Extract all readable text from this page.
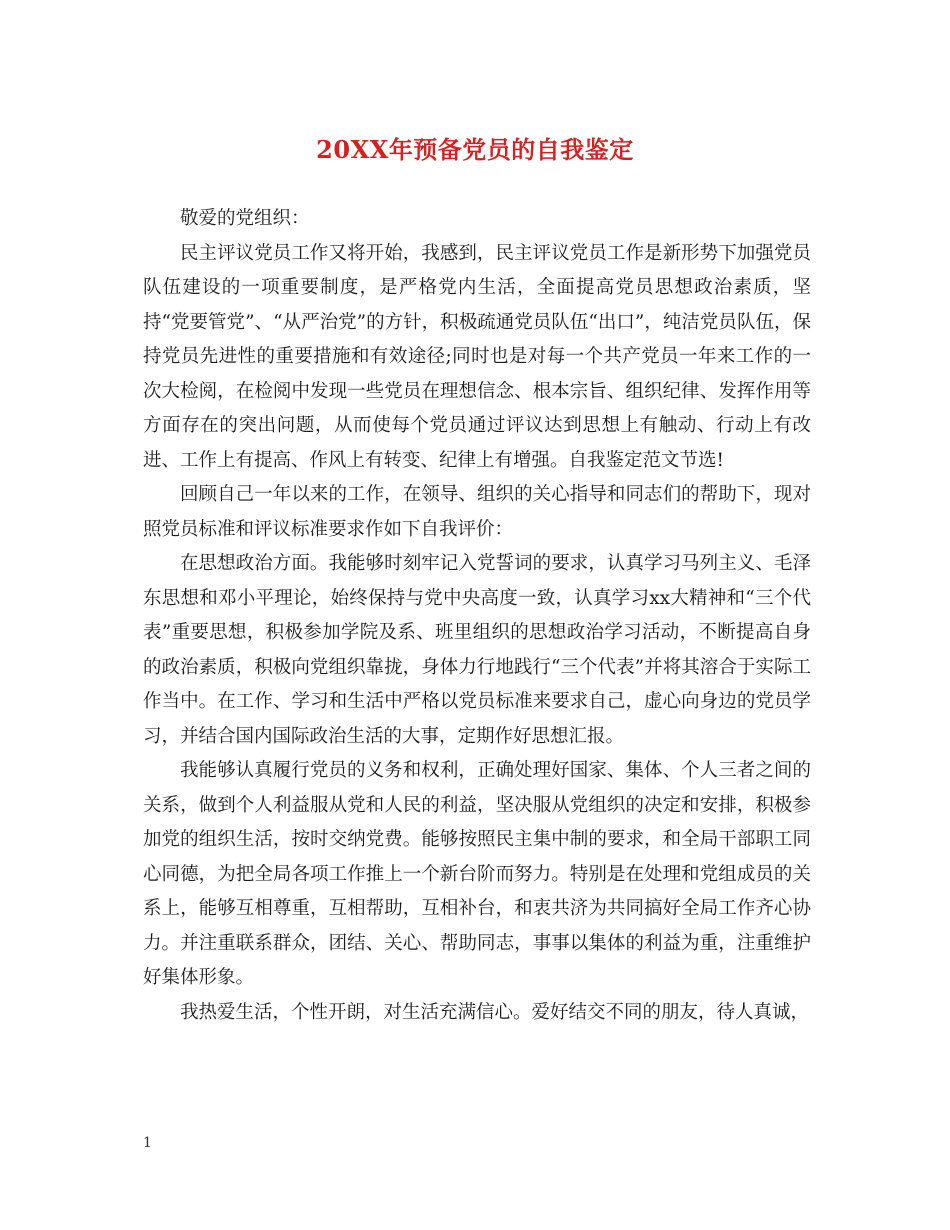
20XX年预备党员的自我鉴定

敬爱的党组织：

民主评议党员工作又将开始，我感到，民主评议党员工作是新形势下加强党员队伍建设的一项重要制度，是严格党内生活，全面提高党员思想政治素质，坚持“党要管党”、“从严治党”的方针，积极疏通党员队伍“出口”，纯洁党员队伍，保持党员先进性的重要措施和有效途径;同时也是对每一个共产党员一年来工作的一次大检阅，在检阅中发现一些党员在理想信念、根本宗旨、组织纪律、发挥作用等方面存在的突出问题，从而使每个党员通过评议达到思想上有触动、行动上有改进、工作上有提高、作风上有转变、纪律上有增强。自我鉴定范文节选!

回顾自己一年以来的工作，在领导、组织的关心指导和同志们的帮助下，现对照党员标准和评议标准要求作如下自我评价：

在思想政治方面。我能够时刻牢记入党誓词的要求，认真学习马列主义、毛泽东思想和邓小平理论，始终保持与党中央高度一致，认真学习xx大精神和“三个代表”重要思想，积极参加学院及系、班里组织的思想政治学习活动，不断提高自身的政治素质，积极向党组织靠拢，身体力行地践行“三个代表”并将其溶合于实际工作当中。在工作、学习和生活中严格以党员标准来要求自己，虚心向身边的党员学习，并结合国内国际政治生活的大事，定期作好思想汇报。

我能够认真履行党员的义务和权利，正确处理好国家、集体、个人三者之间的关系，做到个人利益服从党和人民的利益，坚决服从党组织的决定和安排，积极参加党的组织生活，按时交纳党费。能够按照民主集中制的要求，和全局干部职工同心同德，为把全局各项工作推上一个新台阶而努力。特别是在处理和党组成员的关系上，能够互相尊重，互相帮助，互相补台，和衷共济为共同搞好全局工作齐心协力。并注重联系群众，团结、关心、帮助同志，事事以集体的利益为重，注重维护好集体形象。

我热爱生活，个性开朗，对生活充满信心。爱好结交不同的朋友，待人真诚，

1
